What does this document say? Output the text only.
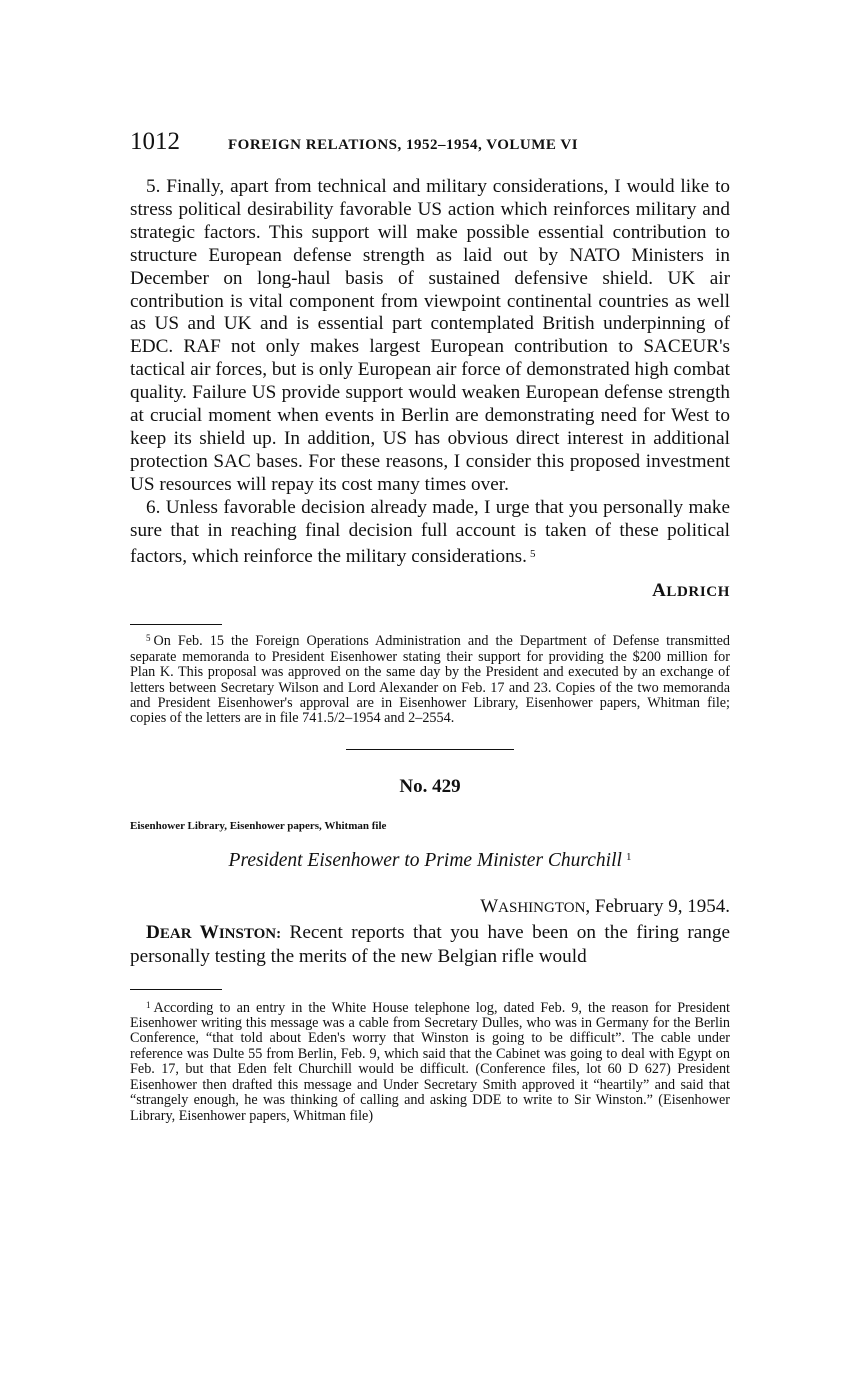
1012	FOREIGN RELATIONS, 1952–1954, VOLUME VI

5. Finally, apart from technical and military considerations, I would like to stress political desirability favorable US action which reinforces military and strategic factors. This support will make possible essential contribution to structure European defense strength as laid out by NATO Ministers in December on long-haul basis of sustained defensive shield. UK air contribution is vital component from viewpoint continental countries as well as US and UK and is essential part contemplated British underpinning of EDC. RAF not only makes largest European contribution to SACEUR's tactical air forces, but is only European air force of demonstrated high combat quality. Failure US provide support would weaken European defense strength at crucial moment when events in Berlin are demonstrating need for West to keep its shield up. In addition, US has obvious direct interest in additional protection SAC bases. For these reasons, I consider this proposed investment US resources will repay its cost many times over.

6. Unless favorable decision already made, I urge that you personally make sure that in reaching final decision full account is taken of these political factors, which reinforce the military considerations. $^5$

ALDRICH

$^5$ On Feb. 15 the Foreign Operations Administration and the Department of Defense transmitted separate memoranda to President Eisenhower stating their support for providing the $200 million for Plan K. This proposal was approved on the same day by the President and executed by an exchange of letters between Secretary Wilson and Lord Alexander on Feb. 17 and 23. Copies of the two memoranda and President Eisenhower's approval are in Eisenhower Library, Eisenhower papers, Whitman file; copies of the letters are in file 741.5/2–1954 and 2–2554.

No. 429
Eisenhower Library, Eisenhower papers, Whitman file
President Eisenhower to Prime Minister Churchill $^1$
WASHINGTON, February 9, 1954.

DEAR WINSTON: Recent reports that you have been on the firing range personally testing the merits of the new Belgian rifle would

$^1$ According to an entry in the White House telephone log, dated Feb. 9, the reason for President Eisenhower writing this message was a cable from Secretary Dulles, who was in Germany for the Berlin Conference, “that told about Eden's worry that Winston is going to be difficult”. The cable under reference was Dulte 55 from Berlin, Feb. 9, which said that the Cabinet was going to deal with Egypt on Feb. 17, but that Eden felt Churchill would be difficult. (Conference files, lot 60 D 627) President Eisenhower then drafted this message and Under Secretary Smith approved it “heartily” and said that “strangely enough, he was thinking of calling and asking DDE to write to Sir Winston.” (Eisenhower Library, Eisenhower papers, Whitman file)
